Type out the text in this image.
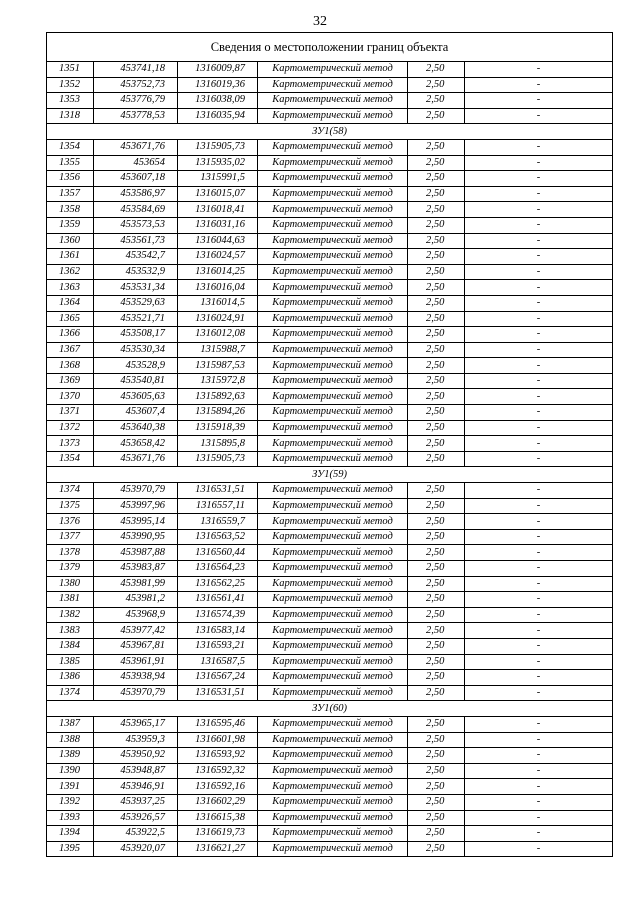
32
Сведения о местоположении границ объекта					
1351	453741,18	1316009,87	Картометрический метод	2,50	-
1352	453752,73	1316019,36	Картометрический метод	2,50	-
1353	453776,79	1316038,09	Картометрический метод	2,50	-
1318	453778,53	1316035,94	Картометрический метод	2,50	-
ЗУ1(58)					
1354	453671,76	1315905,73	Картометрический метод	2,50	-
1355	453654	1315935,02	Картометрический метод	2,50	-
1356	453607,18	1315991,5	Картометрический метод	2,50	-
1357	453586,97	1316015,07	Картометрический метод	2,50	-
1358	453584,69	1316018,41	Картометрический метод	2,50	-
1359	453573,53	1316031,16	Картометрический метод	2,50	-
1360	453561,73	1316044,63	Картометрический метод	2,50	-
1361	453542,7	1316024,57	Картометрический метод	2,50	-
1362	453532,9	1316014,25	Картометрический метод	2,50	-
1363	453531,34	1316016,04	Картометрический метод	2,50	-
1364	453529,63	1316014,5	Картометрический метод	2,50	-
1365	453521,71	1316024,91	Картометрический метод	2,50	-
1366	453508,17	1316012,08	Картометрический метод	2,50	-
1367	453530,34	1315988,7	Картометрический метод	2,50	-
1368	453528,9	1315987,53	Картометрический метод	2,50	-
1369	453540,81	1315972,8	Картометрический метод	2,50	-
1370	453605,63	1315892,63	Картометрический метод	2,50	-
1371	453607,4	1315894,26	Картометрический метод	2,50	-
1372	453640,38	1315918,39	Картометрический метод	2,50	-
1373	453658,42	1315895,8	Картометрический метод	2,50	-
1354	453671,76	1315905,73	Картометрический метод	2,50	-
ЗУ1(59)					
1374	453970,79	1316531,51	Картометрический метод	2,50	-
1375	453997,96	1316557,11	Картометрический метод	2,50	-
1376	453995,14	1316559,7	Картометрический метод	2,50	-
1377	453990,95	1316563,52	Картометрический метод	2,50	-
1378	453987,88	1316560,44	Картометрический метод	2,50	-
1379	453983,87	1316564,23	Картометрический метод	2,50	-
1380	453981,99	1316562,25	Картометрический метод	2,50	-
1381	453981,2	1316561,41	Картометрический метод	2,50	-
1382	453968,9	1316574,39	Картометрический метод	2,50	-
1383	453977,42	1316583,14	Картометрический метод	2,50	-
1384	453967,81	1316593,21	Картометрический метод	2,50	-
1385	453961,91	1316587,5	Картометрический метод	2,50	-
1386	453938,94	1316567,24	Картометрический метод	2,50	-
1374	453970,79	1316531,51	Картометрический метод	2,50	-
ЗУ1(60)					
1387	453965,17	1316595,46	Картометрический метод	2,50	-
1388	453959,3	1316601,98	Картометрический метод	2,50	-
1389	453950,92	1316593,92	Картометрический метод	2,50	-
1390	453948,87	1316592,32	Картометрический метод	2,50	-
1391	453946,91	1316592,16	Картометрический метод	2,50	-
1392	453937,25	1316602,29	Картометрический метод	2,50	-
1393	453926,57	1316615,38	Картометрический метод	2,50	-
1394	453922,5	1316619,73	Картометрический метод	2,50	-
1395	453920,07	1316621,27	Картометрический метод	2,50	-
